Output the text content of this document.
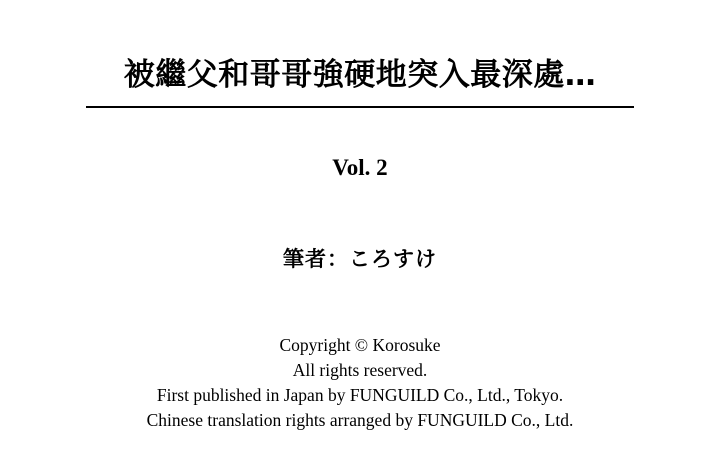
被繼父和哥哥強硬地突入最深處…
Vol. 2
筆者：ころすけ
Copyright © Korosuke
All rights reserved.
First published in Japan by FUNGUILD Co., Ltd., Tokyo.
Chinese translation rights arranged by FUNGUILD Co., Ltd.
